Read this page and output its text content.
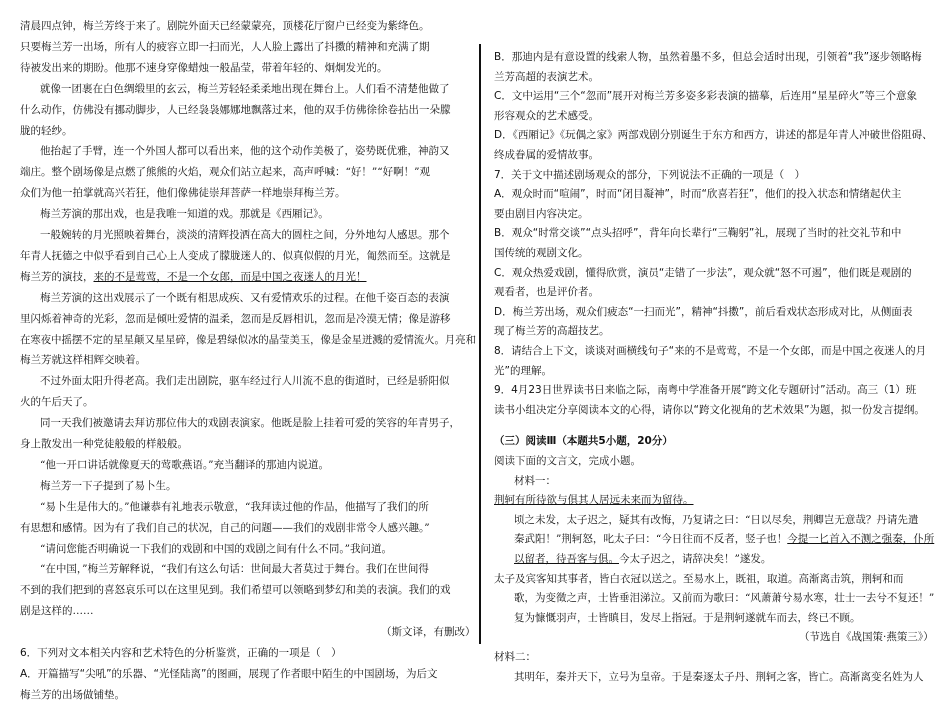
清晨四点钟，梅兰芳终于来了。剧院外面天已经蒙蒙亮，顶楼花厅窗户已经变为紫绛色。
只要梅兰芳一出场，所有人的疲容立即一扫而光，人人脸上露出了抖擞的精神和充满了期
待被发出来的期盼。他那不速身穿像蜡烛一般晶莹，带着年轻的、炯炯发光的。
就像一团裹在白色绸缎里的玄云，梅兰芳轻轻柔柔地出现在舞台上。人们看不清楚他做了
什么动作，仿佛没有挪动脚步，人已经袅袅娜娜地飘落过来，他的双手仿佛徐徐卷拈出一朵朦
胧的轻纱。
他抬起了手臂，连一个外国人都可以看出来，他的这个动作美极了，姿势既优雅，神韵又
端庄。整个剧场像是点燃了熊熊的火焰，观众们站立起来，高声呼喊：“好！”“好啊！”观
众们为他一拍掌就高兴若狂，他们像佛徒崇拜菩萨一样地崇拜梅兰芳。
梅兰芳演的那出戏，也是我唯一知道的戏。那就是《西厢记》。
一般婉转的月光照映着舞台，淡淡的清辉投洒在高大的圆柱之间，分外地勾人感思。那个
年青人抚德之中似乎看到自己心上人变成了朦胧迷人的、似真似假的月光，匍然而至。这就是
梅兰芳的演技，来的不是莺莺，不是一个女郎，而是中国之夜迷人的月光！
梅兰芳演的这出戏展示了一个既有相思成疾、又有爱情欢乐的过程。在他千姿百态的表演
里闪烁着神奇的光彩，忽而是倾吐爱情的温柔，忽而是反唇相讥，忽而是冷漠无情；像是游移
在寒夜中摇摆不定的星星颠又星星碎，像是碧绿似冰的晶莹美玉，像是金星迸溅的爱情流火。月亮和
梅兰芳就这样相辉交映着。
不过外面太阳升得老高。我们走出剧院，驱车经过行人川流不息的街道时，已经是骄阳似
火的午后天了。
同一天我们被邀请去拜访那位伟大的戏剧表演家。他既是脸上挂着可爱的笑容的年青男子，
身上散发出一种党徒般般的样般般。
“他一开口讲话就像夏天的莺歌燕语。”充当翻译的那迪内说道。
梅兰芳一下子提到了易卜生。
“易卜生是伟大的。”他谦恭有礼地表示敬意，“我拜读过他的作品，他描写了我们的所
有思想和感情。因为有了我们自己的状况，自己的问题——我们的戏剧非常令人感兴趣。”
“请问您能否明确说一下我们的戏剧和中国的戏剧之间有什么不同。”我问道。
“在中国，”梅兰芳解释说，“我们有这么句话：世间最大者莫过于舞台。我们在世间得
不到的我们把到的喜怒哀乐可以在这里见到。我们希望可以领略到梦幻和美的表演。我们的戏
剧是这样的……
（斯文译，有删改）
6．下列对文本相关内容和艺术特色的分析鉴赏，正确的一项是（　）
A．开篇描写“尖吼”的乐器、“光怪陆离”的图画，展现了作者眼中陌生的中国剧场，为后文
梅兰芳的出场做铺垫。
B．那迪内是有意设置的线索人物，虽然着墨不多，但总会适时出现，引领着“我”逐步领略梅
兰芳高超的表演艺术。
C．文中运用“三个“忽而”展开对梅兰芳多姿多彩表演的描摹，后连用“星星碎火”等三个意象
形容观众的艺术感受。
D．《西厢记》《玩偶之家》两部戏剧分别诞生于东方和西方，讲述的都是年青人冲破世俗阻碍、
终成眷属的爱情故事。
7．关于文中描述剧场观众的部分，下列说法不正确的一项是（　）
A．观众时而“喧闹”，时而“闭目凝神”，时而“欣喜若狂”，他们的投入状态和情绪起伏主
要由剧目内容决定。
B．观众“时常交谈”“点头招呼”，背年向长辈行“三鞠躬”礼，展现了当时的社交礼节和中
国传统的观剧文化。
C．观众热爱戏剧，懂得欣赏，演员“走错了一步法”，观众就“怒不可遏”，他们既是观剧的
观看者，也是评价者。
D．梅兰芳出场，观众们疲态“一扫而光”，精神“抖擞”，前后看戏状态形成对比，从侧面表
现了梅兰芳的高超技艺。
8．请结合上下文，谈谈对画横线句子“来的不是莺莺，不是一个女郎，而是中国之夜迷人的月
光”的理解。
9．4月23日世界读书日来临之际，南粤中学准备开展“跨文化专题研讨”活动。高三（1）班
读书小组决定分享阅读本文的心得，请你以“跨文化视角的艺术效果”为题，拟一份发言提纲。
（三）阅读Ⅲ（本题共5小题，20分）
阅读下面的文言文，完成小题。
材料一：
荆轲有所待欲与俱其人居远未来而为留待。
顷之未发，太子迟之，疑其有改悔，乃复请之曰：“日以尽矣，荆卿岂无意哉？丹请先遣
秦武阳！”荆轲怒，叱太子曰：“今日往而不反者，竖子也！今提一匕首入不测之强秦，仆所
以留者，待吾客与俱。今太子迟之，请辞决矣！”遂发。
太子及宾客知其事者，皆白衣冠以送之。至易水上，既祖，取道。高渐离击筑，荆轲和而
歌，为变徵之声，士皆垂泪涕泣。又前而为歌曰：“风萧萧兮易水寒，壮士一去兮不复还！”
复为慷慨羽声，士皆瞋目，发尽上指冠。于是荆轲遂就车而去，终已不顾。
（节选自《战国策·燕策三》）
材料二：
其明年，秦并天下，立号为皇帝。于是秦逐太子丹、荆轲之客，皆亡。高渐离变名姓为人
